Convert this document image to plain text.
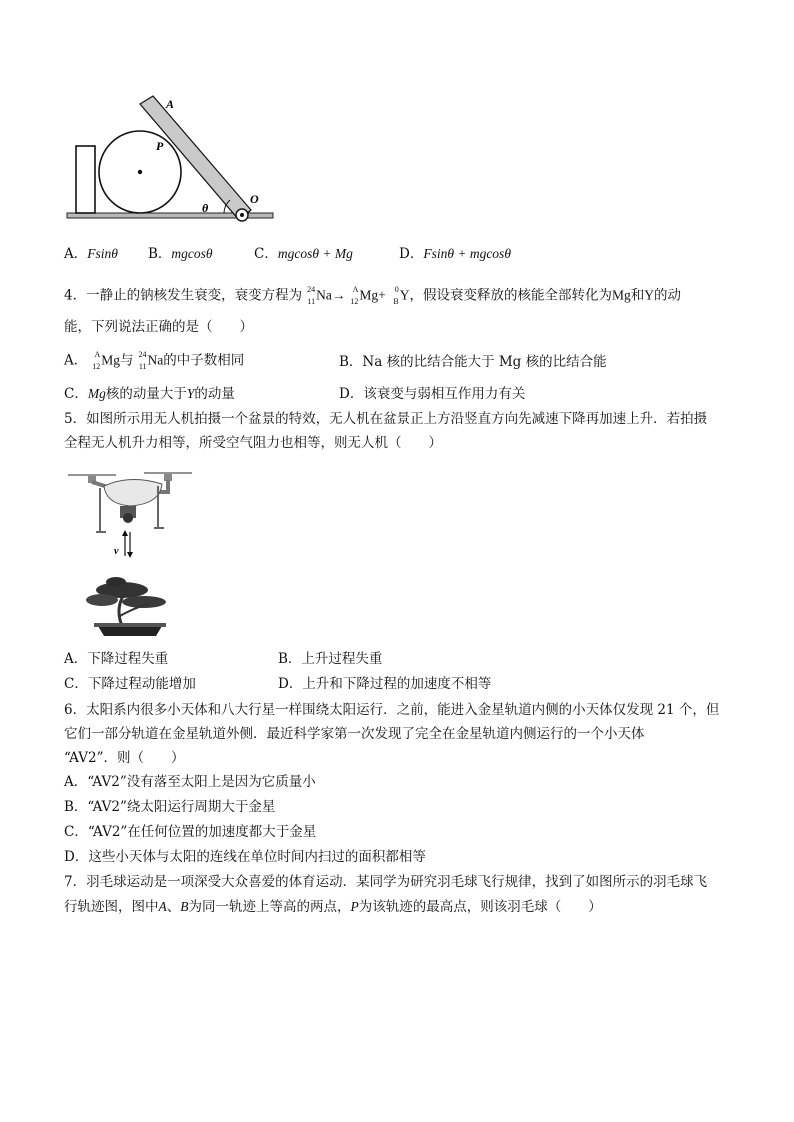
A
P
θ
O
A．Fsinθ B．mgcosθ	C．mgcosθ + Mg	D．Fsinθ + mgcosθ
4．一静止的钠核发生衰变，衰变方程为 24
11 Na→ A
12 Mg+ 0
B Y，假设衰变释放的核能全部转化为Mg和Y的动
能，下列说法正确的是（　　）
A． A
12 Mg与 24
11 Na的中子数相同	B．Na 核的比结合能大于 Mg 核的比结合能
C．Mg核的动量大于Y的动量	D．该衰变与弱相互作用力有关
5．如图所示用无人机拍摄一个盆景的特效，无人机在盆景正上方沿竖直方向先减速下降再加速上升．若拍摄
全程无人机升力相等，所受空气阻力也相等，则无人机（　　）
v
A．下降过程失重	B．上升过程失重
C．下降过程动能增加	D．上升和下降过程的加速度不相等
6．太阳系内很多小天体和八大行星一样围绕太阳运行．之前，能进入金星轨道内侧的小天体仅发现 21 个，但
它们一部分轨道在金星轨道外侧．最近科学家第一次发现了完全在金星轨道内侧运行的一个小天体
“AV2”．则（　　）
A．“AV2”没有落至太阳上是因为它质量小
B．“AV2”绕太阳运行周期大于金星
C．“AV2”在任何位置的加速度都大于金星
D．这些小天体与太阳的连线在单位时间内扫过的面积都相等
7．羽毛球运动是一项深受大众喜爱的体育运动．某同学为研究羽毛球飞行规律，找到了如图所示的羽毛球飞
行轨迹图，图中A、B为同一轨迹上等高的两点，P为该轨迹的最高点，则该羽毛球（　　）
